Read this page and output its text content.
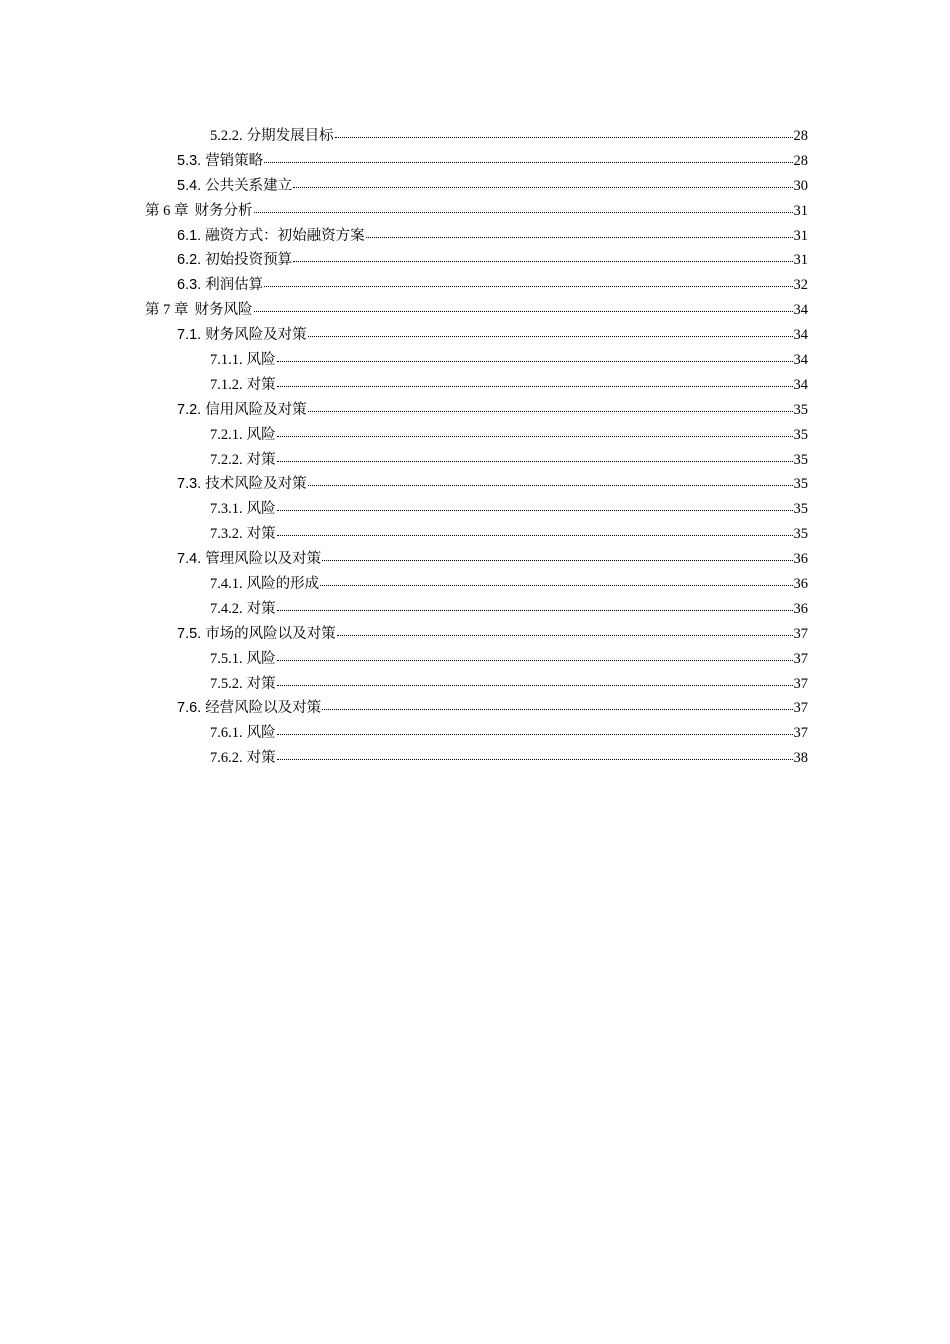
5.2.2. 分期发展目标	28
5.3. 营销策略	28
5.4. 公共关系建立	30
第 6 章 财务分析	31
6.1. 融资方式：初始融资方案	31
6.2. 初始投资预算	31
6.3. 利润估算	32
第 7 章 财务风险	34
7.1. 财务风险及对策	34
7.1.1. 风险	34
7.1.2. 对策	34
7.2. 信用风险及对策	35
7.2.1. 风险	35
7.2.2. 对策	35
7.3. 技术风险及对策	35
7.3.1. 风险	35
7.3.2. 对策	35
7.4. 管理风险以及对策	36
7.4.1. 风险的形成	36
7.4.2. 对策	36
7.5. 市场的风险以及对策	37
7.5.1. 风险	37
7.5.2. 对策	37
7.6. 经营风险以及对策	37
7.6.1. 风险	37
7.6.2. 对策	38
